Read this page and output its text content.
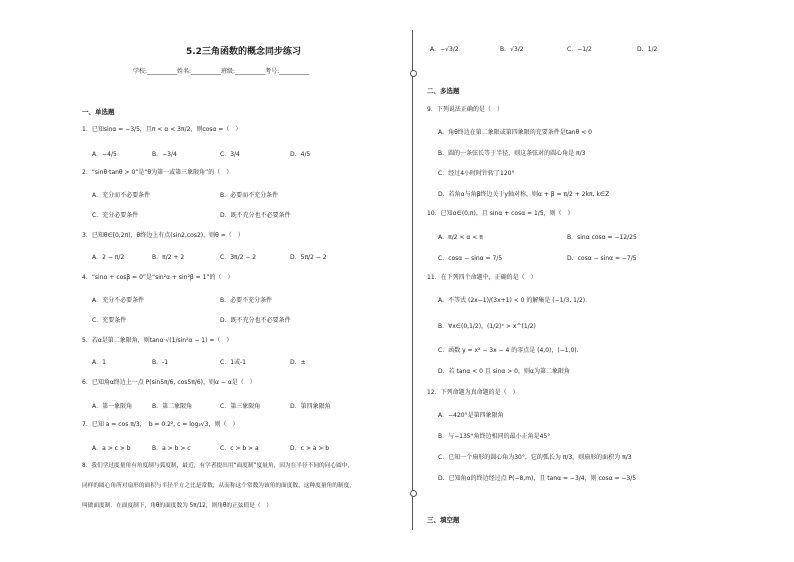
5.2三角函数的概念同步练习
学校:__________姓名:__________班级:__________考号:__________
一、单选题
1．已知sinα = −3/5，且π < α < 3π/2，则cosα =（　）
A．−4/5	B．−3/4	C．3/4	D．4/5
2．“sinθ·tanθ > 0”是“θ为第一或第三象限角”的（　）
A．充分而不必要条件	B．必要而不充分条件
C．充分必要条件	D．既不充分也不必要条件
3．已知θ∈[0,2π)，θ终边上有点(sin2,cos2)，则θ =（　）
A．2 − π/2	B．π/2 + 2	C．3π/2 − 2	D．5π/2 − 2
4．“sinα + cosβ = 0”是“sin²α + sin²β = 1”的（　）
A．充分不必要条件	B．必要不充分条件
C．充要条件	D．既不充分也不必要条件
5．若α是第二象限角，则tanα·√(1/sin²α − 1) =（　）
A．1	B．-1	C．1或-1	D．±
6．已知角α终边上一点 P(sin5π/6, cos5π/6)，则α − α是（　）
A．第一象限角	B．第二象限角	C．第三象限角	D．第四象限角
7．已知 a = cos π/3，　b = 0.2², c = log₂√3，则（　）
A．a > c > b	B．a > b > c	C．c > b > a	D．c > a > b
8．我们学过度量角有角度制与弧度制，最近，有学者提出用“面度制”度量角，因为在半径不同的同心圆中，
同样的圆心角所对扇形的面积与半径平方之比是常数，从而称这个常数为该角的面度数，这种度量角的制度，
叫做面度制．在面度制下，角θ的面度数为 5π/12，则角θ的正弦值是（　）
A．−√3/2	B．√3/2	C．−1/2	D．1/2
二、多选题
9．下列说法正确的是（　）
A．角θ终边在第二象限或第四象限的充要条件是tanθ < 0
B．圆的一条弦长等于半径，则这条弦对的圆心角是 π/3
C．经过4小时时针转了120°
D．若角α与角β终边关于y轴对称，则α + β = π/2 + 2kπ, k∈Z
10．已知α∈(0,π)，且 sinα + cosα = 1/5，则（　）
A．π/2 < α < π	B．sinα cosα = −12/25
C．cosα − sinα = 7/5	D．cosα − sinα = −7/5
11．在下列四个命题中，正确的是（　）
A．不等式 (2x−1)/(3x+1) < 0 的解集是 (−1/3, 1/2)．
B．∀x∈(0,1/2)，(1/2)ˣ > x^(1/2)
C．函数 y = x² − 3x − 4 的零点是 (4,0)，(−1,0)．
D．若 tanα < 0 且 sinα > 0，则α为第二象限角
12．下列命题为真命题的是（　）
A．−420°是第四象限角
B．与−135°角终边相同的最小正角是45°
C．已知一个扇形的圆心角为30°，它的弧长为 π/3，则扇形的面积为 π/3
D．已知角α的终边经过点 P(−8,m)，且 tanα = −3/4，则 cosα = −3/5
三、填空题
